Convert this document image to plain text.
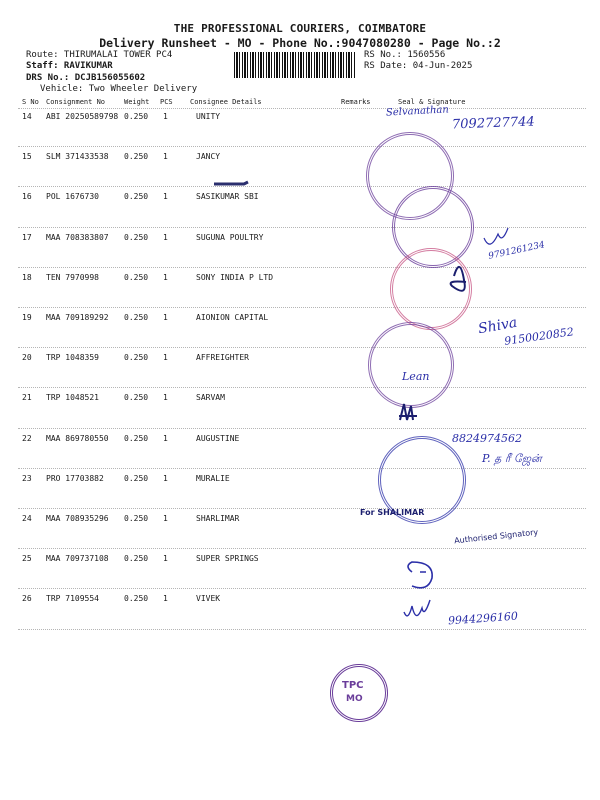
THE PROFESSIONAL COURIERS, COIMBATORE
Delivery Runsheet - MO - Phone No.:9047080280 - Page No.:2
Route: THIRUMALAI TOWER PC4
Staff: RAVIKUMAR
DRS No.: DCJB156055602
Vehicle: Two Wheeler Delivery
RS No.: 1560556
RS Date: 04-Jun-2025
S No Consignment No	Weight PCS Consignee Details	Remarks	Seal & Signature
14 ABI 20250589798 0.250 1	UNITY
15 SLM 371433538 0.250 1	JANCY
16 POL 1676730	0.250 1	SASIKUMAR SBI
17 MAA 708383807 0.250 1	SUGUNA POULTRY
18 TEN 7970998	0.250 1	SONY INDIA P LTD
19 MAA 709189292 0.250 1	AIONION CAPITAL
20 TRP 1048359	0.250 1	AFFREIGHTER
21 TRP 1048521	0.250 1	SARVAM
22 MAA 869780550 0.250 1	AUGUSTINE
23 PRO 17703882	0.250 1	MURALIE
24 MAA 708935296 0.250 1	SHARLIMAR
25 MAA 709737108 0.250 1	SUPER SPRINGS
26 TRP 7109554	0.250 1	VIVEK
TPC
MO
For SHALIMAR
Authorised Signatory
Selvanathan
7092727744
9791261234
Shiva
9150020852
Lean
8824974562
P. த ரீ ஜேன்
9944296160
